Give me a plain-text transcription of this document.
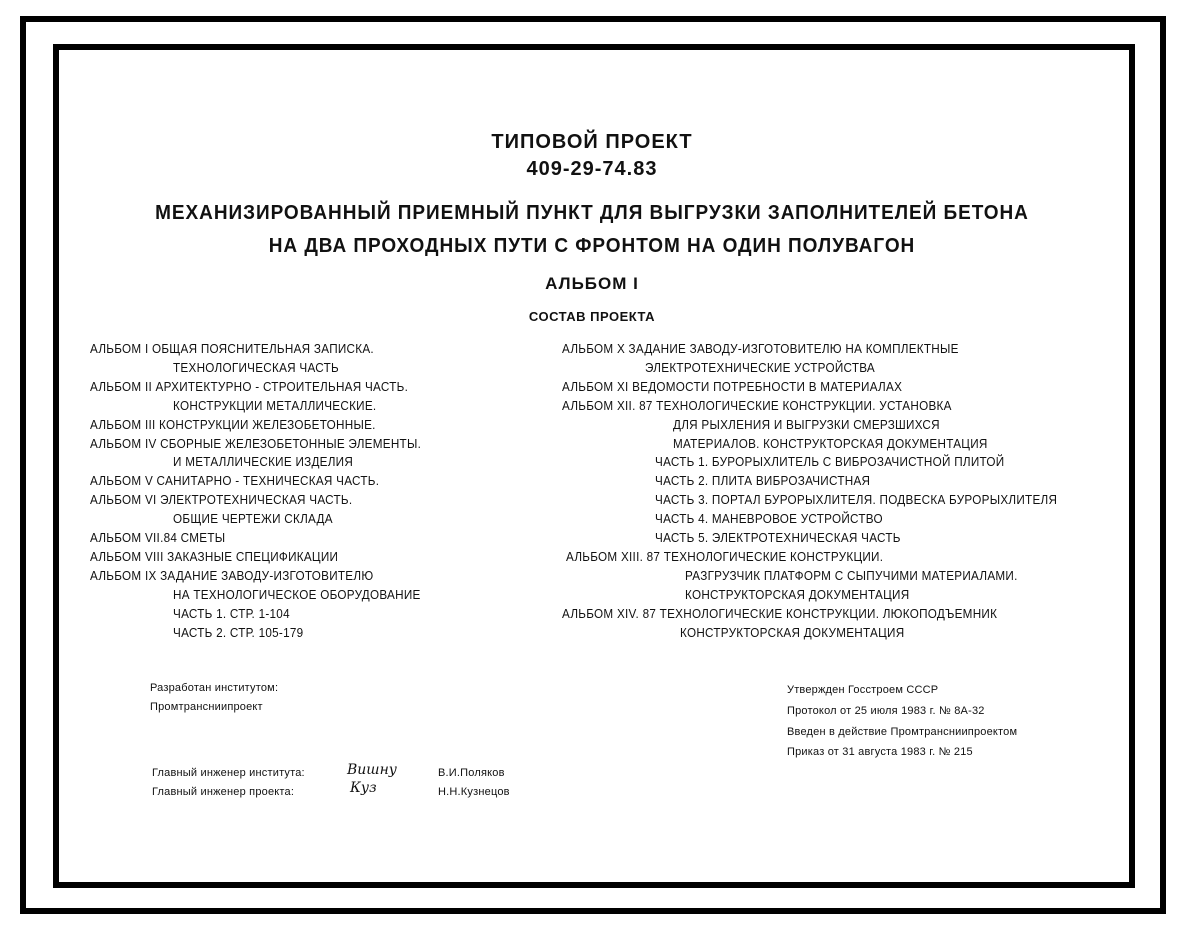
ТИПОВОЙ ПРОЕКТ
409-29-74.83
МЕХАНИЗИРОВАННЫЙ ПРИЕМНЫЙ ПУНКТ ДЛЯ ВЫГРУЗКИ ЗАПОЛНИТЕЛЕЙ БЕТОНА
НА ДВА ПРОХОДНЫХ ПУТИ С ФРОНТОМ НА ОДИН ПОЛУВАГОН
АЛЬБОМ I
СОСТАВ ПРОЕКТА
АЛЬБОМ I ОБЩАЯ ПОЯСНИТЕЛЬНАЯ ЗАПИСКА.
ТЕХНОЛОГИЧЕСКАЯ ЧАСТЬ
АЛЬБОМ II АРХИТЕКТУРНО - СТРОИТЕЛЬНАЯ ЧАСТЬ.
КОНСТРУКЦИИ МЕТАЛЛИЧЕСКИЕ.
АЛЬБОМ III КОНСТРУКЦИИ ЖЕЛЕЗОБЕТОННЫЕ.
АЛЬБОМ IV СБОРНЫЕ ЖЕЛЕЗОБЕТОННЫЕ ЭЛЕМЕНТЫ.
И МЕТАЛЛИЧЕСКИЕ ИЗДЕЛИЯ
АЛЬБОМ V САНИТАРНО - ТЕХНИЧЕСКАЯ ЧАСТЬ.
АЛЬБОМ VI ЭЛЕКТРОТЕХНИЧЕСКАЯ ЧАСТЬ.
ОБЩИЕ ЧЕРТЕЖИ СКЛАДА
АЛЬБОМ VII.84 СМЕТЫ
АЛЬБОМ VIII ЗАКАЗНЫЕ СПЕЦИФИКАЦИИ
АЛЬБОМ IX ЗАДАНИЕ ЗАВОДУ-ИЗГОТОВИТЕЛЮ
НА ТЕХНОЛОГИЧЕСКОЕ ОБОРУДОВАНИЕ
ЧАСТЬ 1. СТР. 1-104
ЧАСТЬ 2. СТР. 105-179
АЛЬБОМ X ЗАДАНИЕ ЗАВОДУ-ИЗГОТОВИТЕЛЮ НА КОМПЛЕКТНЫЕ
ЭЛЕКТРОТЕХНИЧЕСКИЕ УСТРОЙСТВА
АЛЬБОМ XI ВЕДОМОСТИ ПОТРЕБНОСТИ В МАТЕРИАЛАХ
АЛЬБОМ XII. 87 ТЕХНОЛОГИЧЕСКИЕ КОНСТРУКЦИИ. УСТАНОВКА
ДЛЯ РЫХЛЕНИЯ И ВЫГРУЗКИ СМЕРЗШИХСЯ
МАТЕРИАЛОВ. КОНСТРУКТОРСКАЯ ДОКУМЕНТАЦИЯ
ЧАСТЬ 1. БУРОРЫХЛИТЕЛЬ С ВИБРОЗАЧИСТНОЙ ПЛИТОЙ
ЧАСТЬ 2. ПЛИТА ВИБРОЗАЧИСТНАЯ
ЧАСТЬ 3. ПОРТАЛ БУРОРЫХЛИТЕЛЯ. ПОДВЕСКА БУРОРЫХЛИТЕЛЯ
ЧАСТЬ 4. МАНЕВРОВОЕ УСТРОЙСТВО
ЧАСТЬ 5. ЭЛЕКТРОТЕХНИЧЕСКАЯ ЧАСТЬ
АЛЬБОМ XIII. 87 ТЕХНОЛОГИЧЕСКИЕ КОНСТРУКЦИИ.
РАЗГРУЗЧИК ПЛАТФОРМ С СЫПУЧИМИ МАТЕРИАЛАМИ.
КОНСТРУКТОРСКАЯ ДОКУМЕНТАЦИЯ
АЛЬБОМ XIV. 87 ТЕХНОЛОГИЧЕСКИЕ КОНСТРУКЦИИ. ЛЮКОПОДЪЕМНИК
КОНСТРУКТОРСКАЯ ДОКУМЕНТАЦИЯ
Разработан институтом:
Промтрансниипроект
Утвержден Госстроем СССР
Протокол от 25 июля 1983 г. № 8А-32
Введен в действие Промтрансниипроектом
Приказ от 31 августа 1983 г. № 215
Главный инженер института:	Вишну	В.И.Поляков
Главный инженер проекта:	Куз	Н.Н.Кузнецов
